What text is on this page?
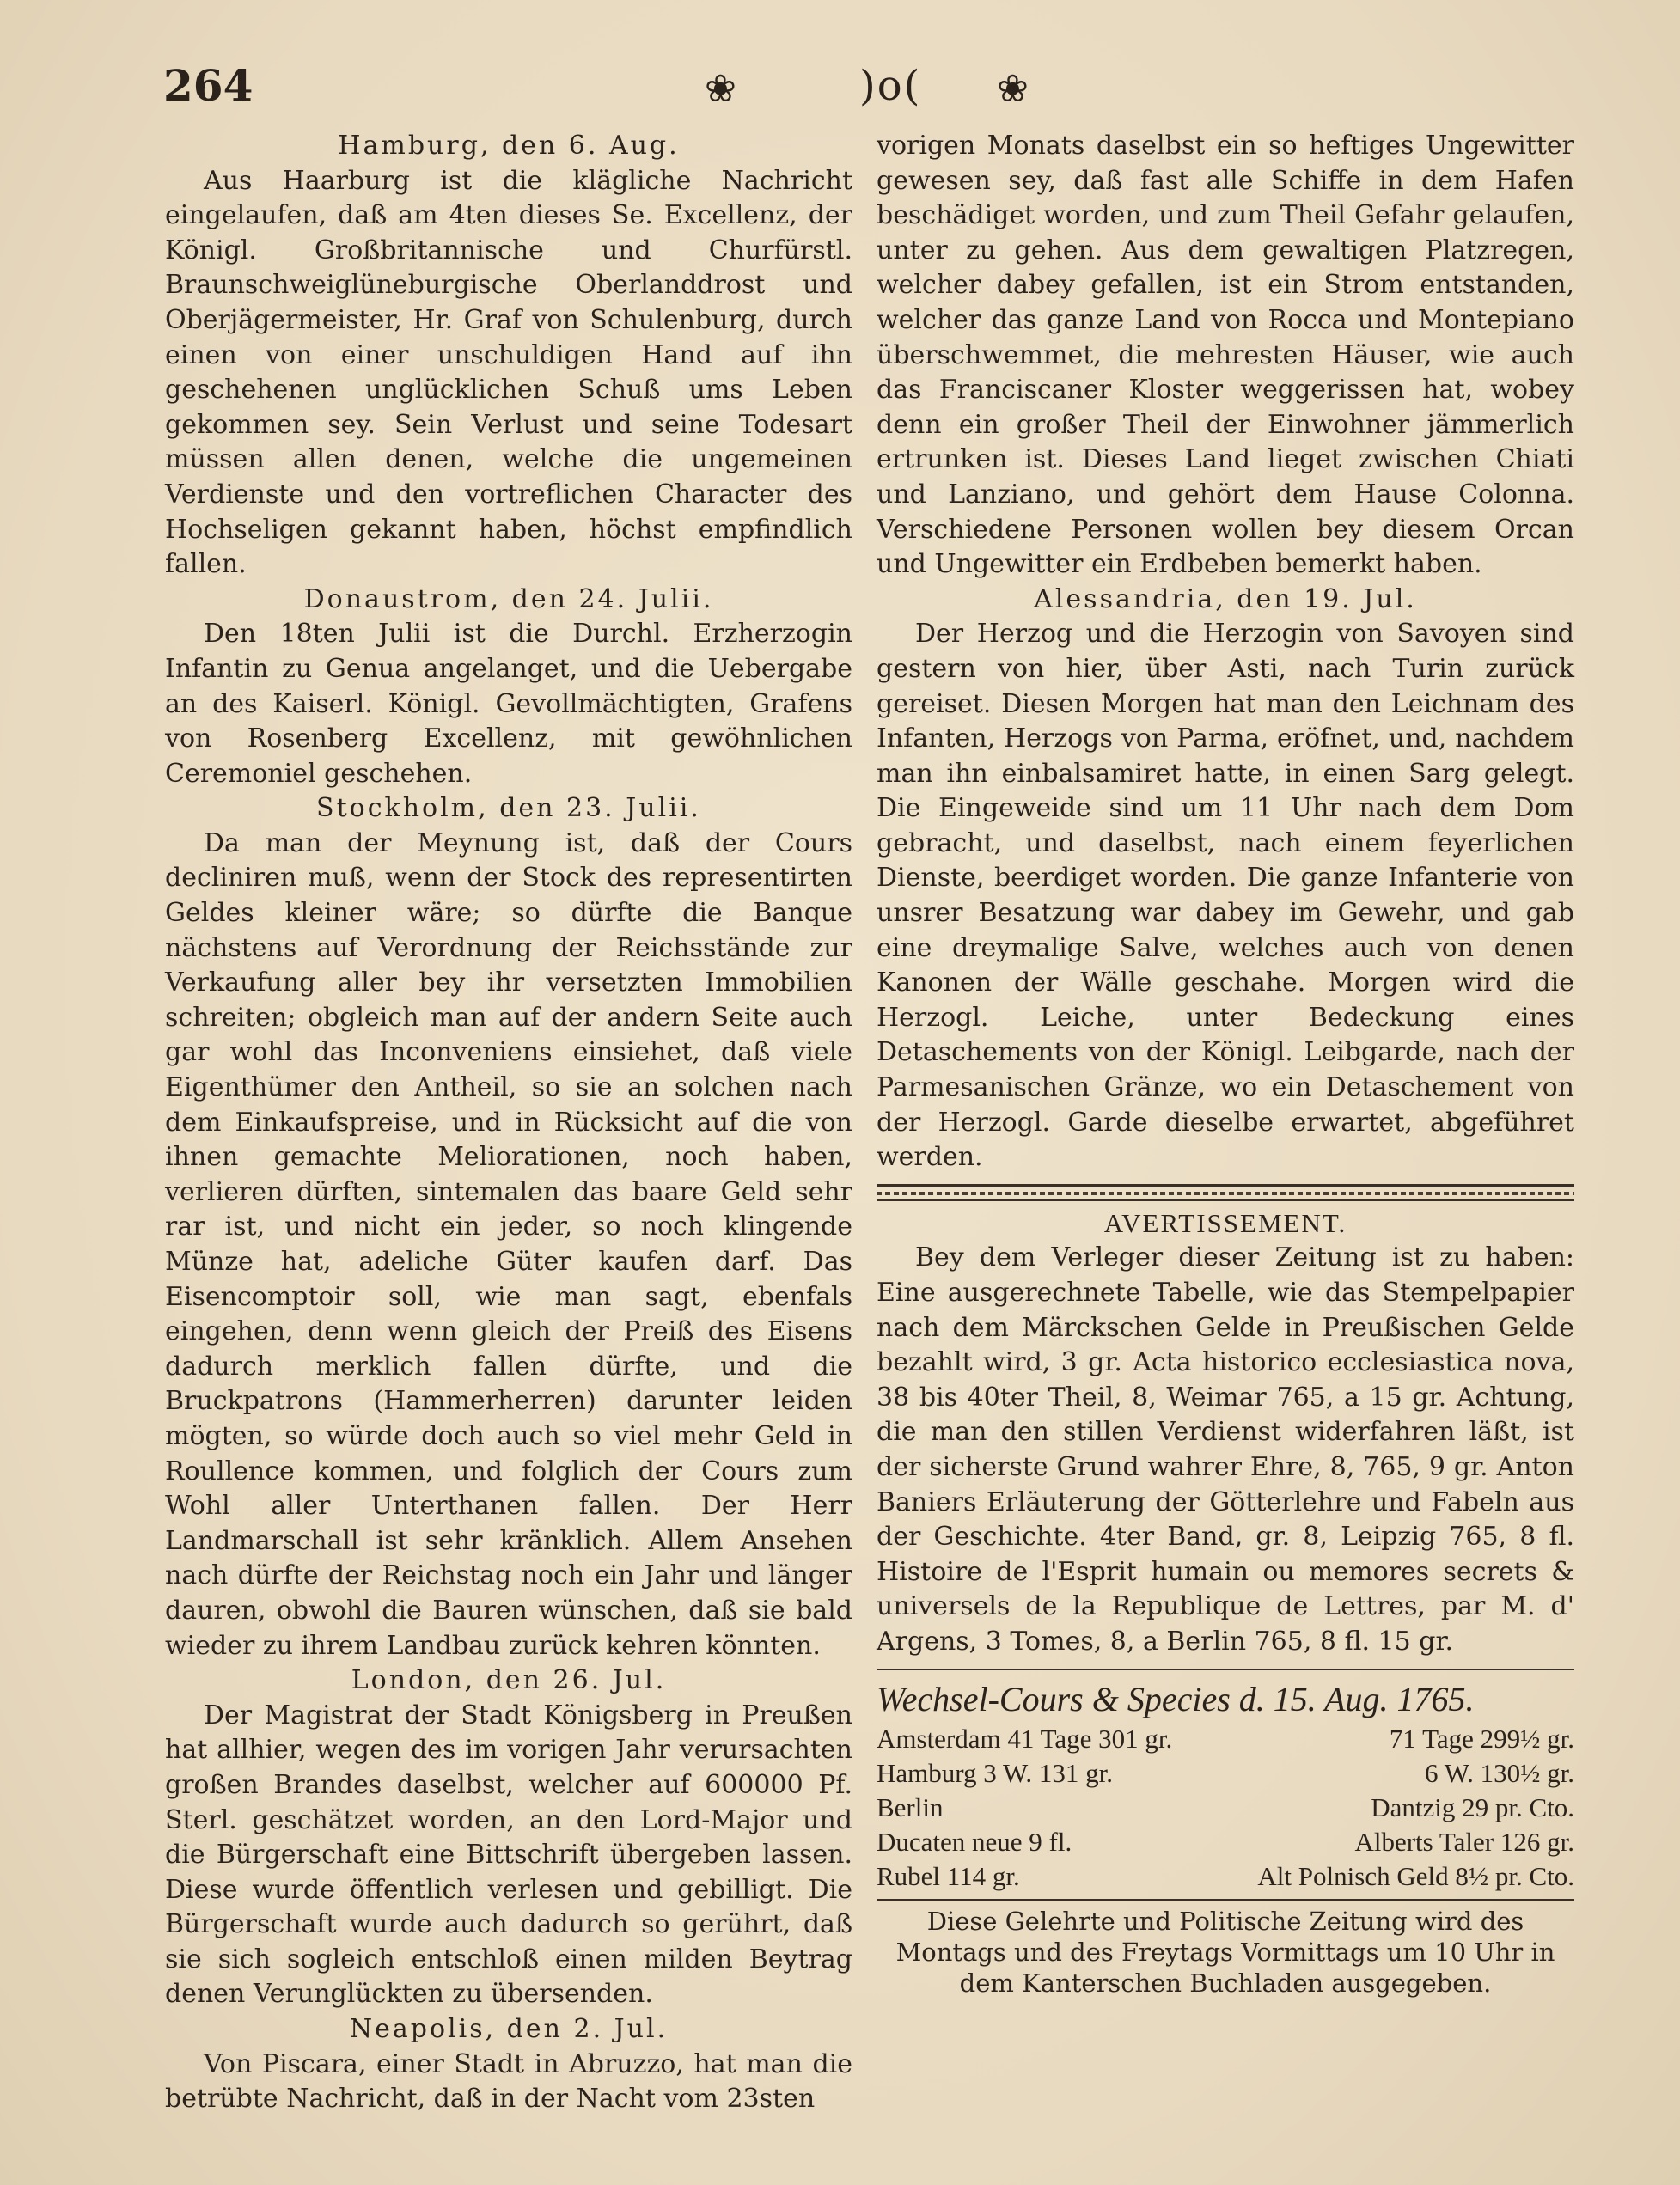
264	❀	)o( ❀
Hamburg, den 6. Aug.

Aus Haarburg ist die klägliche Nachricht eingelaufen, daß am 4ten dieses Se. Excellenz, der Königl. Großbritannische und Churfürstl. Braunschweiglüneburgische Oberlanddrost und Oberjägermeister, Hr. Graf von Schulenburg, durch einen von einer unschuldigen Hand auf ihn geschehenen unglücklichen Schuß ums Leben gekommen sey. Sein Verlust und seine Todesart müssen allen denen, welche die ungemeinen Verdienste und den vortreflichen Character des Hochseligen gekannt haben, höchst empfindlich fallen.

Donaustrom, den 24. Julii.

Den 18ten Julii ist die Durchl. Erzherzogin Infantin zu Genua angelanget, und die Uebergabe an des Kaiserl. Königl. Gevollmächtigten, Grafens von Rosenberg Excellenz, mit gewöhnlichen Ceremoniel geschehen.

Stockholm, den 23. Julii.

Da man der Meynung ist, daß der Cours decliniren muß, wenn der Stock des representirten Geldes kleiner wäre; so dürfte die Banque nächstens auf Verordnung der Reichsstände zur Verkaufung aller bey ihr versetzten Immobilien schreiten; obgleich man auf der andern Seite auch gar wohl das Inconveniens einsiehet, daß viele Eigenthümer den Antheil, so sie an solchen nach dem Einkaufspreise, und in Rücksicht auf die von ihnen gemachte Meliorationen, noch haben, verlieren dürften, sintemalen das baare Geld sehr rar ist, und nicht ein jeder, so noch klingende Münze hat, adeliche Güter kaufen darf. Das Eisencomptoir soll, wie man sagt, ebenfals eingehen, denn wenn gleich der Preiß des Eisens dadurch merklich fallen dürfte, und die Bruckpatrons (Hammerherren) darunter leiden mögten, so würde doch auch so viel mehr Geld in Roullence kommen, und folglich der Cours zum Wohl aller Unterthanen fallen. Der Herr Landmarschall ist sehr kränklich. Allem Ansehen nach dürfte der Reichstag noch ein Jahr und länger dauren, obwohl die Bauren wünschen, daß sie bald wieder zu ihrem Landbau zurück kehren könnten.

London, den 26. Jul.

Der Magistrat der Stadt Königsberg in Preußen hat allhier, wegen des im vorigen Jahr verursachten großen Brandes daselbst, welcher auf 600000 Pf. Sterl. geschätzet worden, an den Lord-Major und die Bürgerschaft eine Bittschrift übergeben lassen. Diese wurde öffentlich verlesen und gebilligt. Die Bürgerschaft wurde auch dadurch so gerührt, daß sie sich sogleich entschloß einen milden Beytrag denen Verunglückten zu übersenden.

Neapolis, den 2. Jul.

Von Piscara, einer Stadt in Abruzzo, hat man die betrübte Nachricht, daß in der Nacht vom 23sten

vorigen Monats daselbst ein so heftiges Ungewitter gewesen sey, daß fast alle Schiffe in dem Hafen beschädiget worden, und zum Theil Gefahr gelaufen, unter zu gehen. Aus dem gewaltigen Platzregen, welcher dabey gefallen, ist ein Strom entstanden, welcher das ganze Land von Rocca und Montepiano überschwemmet, die mehresten Häuser, wie auch das Franciscaner Kloster weggerissen hat, wobey denn ein großer Theil der Einwohner jämmerlich ertrunken ist. Dieses Land lieget zwischen Chiati und Lanziano, und gehört dem Hause Colonna. Verschiedene Personen wollen bey diesem Orcan und Ungewitter ein Erdbeben bemerkt haben.

Alessandria, den 19. Jul.

Der Herzog und die Herzogin von Savoyen sind gestern von hier, über Asti, nach Turin zurück gereiset. Diesen Morgen hat man den Leichnam des Infanten, Herzogs von Parma, eröfnet, und, nachdem man ihn einbalsamiret hatte, in einen Sarg gelegt. Die Eingeweide sind um 11 Uhr nach dem Dom gebracht, und daselbst, nach einem feyerlichen Dienste, beerdiget worden. Die ganze Infanterie von unsrer Besatzung war dabey im Gewehr, und gab eine dreymalige Salve, welches auch von denen Kanonen der Wälle geschahe. Morgen wird die Herzogl. Leiche, unter Bedeckung eines Detaschements von der Königl. Leibgarde, nach der Parmesanischen Gränze, wo ein Detaschement von der Herzogl. Garde dieselbe erwartet, abgeführet werden.

AVERTISSEMENT.

Bey dem Verleger dieser Zeitung ist zu haben: Eine ausgerechnete Tabelle, wie das Stempelpapier nach dem Märckschen Gelde in Preußischen Gelde bezahlt wird, 3 gr. Acta historico ecclesiastica nova, 38 bis 40ter Theil, 8, Weimar 765, a 15 gr. Achtung, die man den stillen Verdienst widerfahren läßt, ist der sicherste Grund wahrer Ehre, 8, 765, 9 gr. Anton Baniers Erläuterung der Götterlehre und Fabeln aus der Geschichte. 4ter Band, gr. 8, Leipzig 765, 8 fl. Histoire de l'Esprit humain ou memores secrets & universels de la Republique de Lettres, par M. d' Argens, 3 Tomes, 8, a Berlin 765, 8 fl. 15 gr.

Wechsel-Cours & Species d. 15. Aug. 1765.
Amsterdam 41 Tage 301 gr.	71 Tage 299½ gr.
Hamburg 3 W. 131 gr.	6 W. 130½ gr.
Berlin	Dantzig 29 pr. Cto.
Ducaten neue 9 fl.	Alberts Taler 126 gr.
Rubel 114 gr.	Alt Polnisch Geld 8½ pr. Cto.

Diese Gelehrte und Politische Zeitung wird des Montags und des Freytags Vormittags um 10 Uhr in dem Kanterschen Buchladen ausgegeben.
